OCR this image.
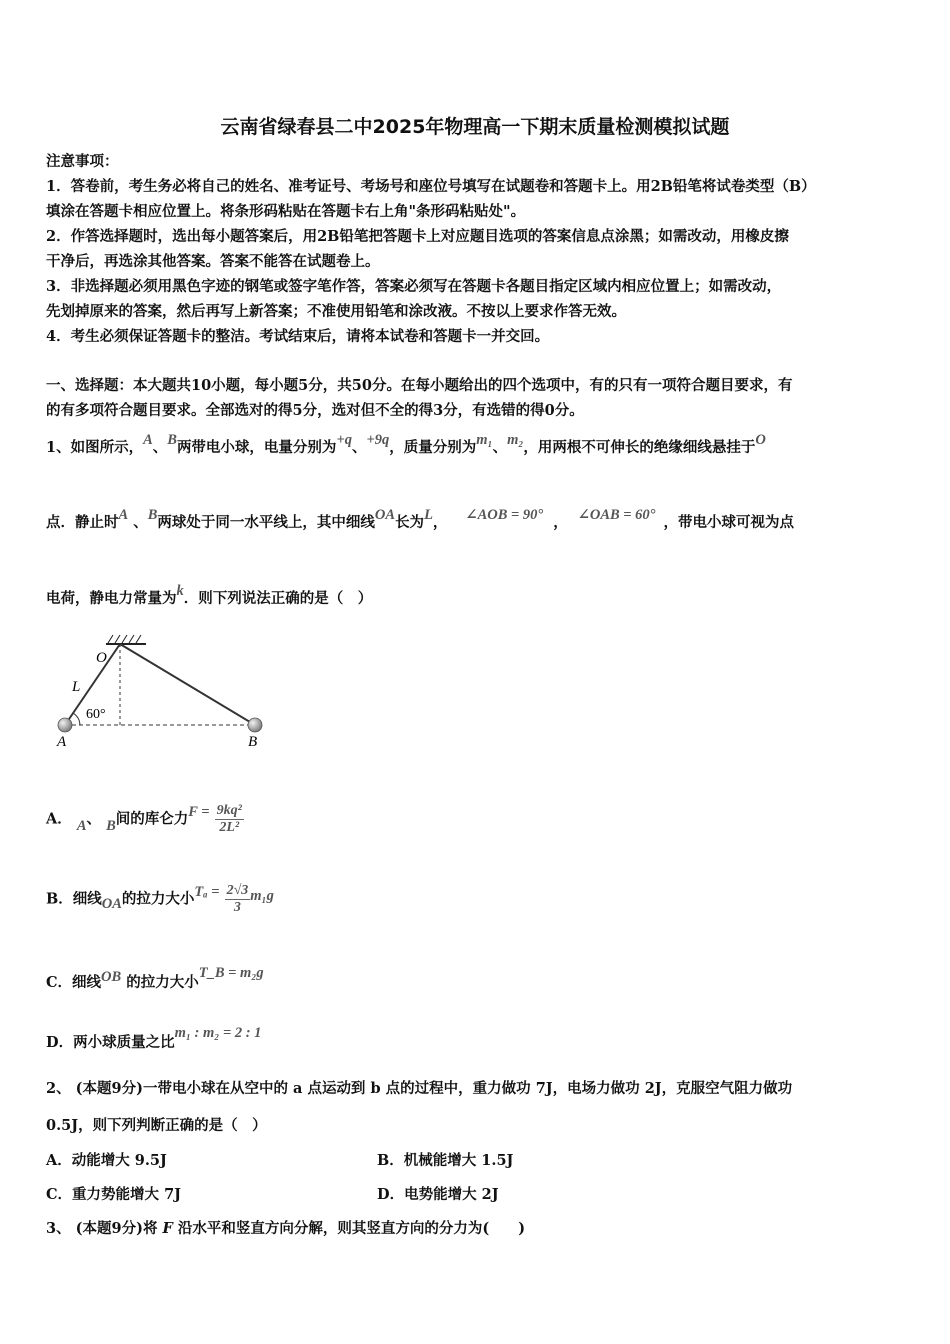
云南省绿春县二中2025年物理高一下期末质量检测模拟试题
注意事项：
1．答卷前，考生务必将自己的姓名、准考证号、考场号和座位号填写在试题卷和答题卡上。用2B铅笔将试卷类型（B）
填涂在答题卡相应位置上。将条形码粘贴在答题卡右上角"条形码粘贴处"。
2．作答选择题时，选出每小题答案后，用2B铅笔把答题卡上对应题目选项的答案信息点涂黑；如需改动，用橡皮擦
干净后，再选涂其他答案。答案不能答在试题卷上。
3．非选择题必须用黑色字迹的钢笔或签字笔作答，答案必须写在答题卡各题目指定区域内相应位置上；如需改动，
先划掉原来的答案，然后再写上新答案；不准使用铅笔和涂改液。不按以上要求作答无效。
4．考生必须保证答题卡的整洁。考试结束后，请将本试卷和答题卡一并交回。
一、选择题：本大题共10小题，每小题5分，共50分。在每小题给出的四个选项中，有的只有一项符合题目要求，有
的有多项符合题目要求。全部选对的得5分，选对但不全的得3分，有选错的得0分。
1、如图所示，A、B两带电小球，电量分别为+q、+9q，质量分别为m₁、m₂，用两根不可伸长的绝缘细线悬挂于O
点．静止时A 、B两球处于同一水平线上，其中细线OA长为L， ∠AOB = 90° ， ∠OAB = 60° ，带电小球可视为点
电荷，静电力常量为k．则下列说法正确的是（　）
O
L
60°
A	B
A． A、 B间的库仑力$F = \frac{\text{9kq²}}{\text{2L²}}$
B．细线OA的拉力大小$T_a = \frac{2√3}{3} m_1g$
C．细线OB 的拉力大小T_B = m₂g
D．两小球质量之比m₁ : m₂ = 2 : 1
2、 (本题9分)一带电小球在从空中的 a 点运动到 b 点的过程中，重力做功 7J，电场力做功 2J，克服空气阻力做功
0.5J，则下列判断正确的是（　）
A．动能增大 9.5J	B．机械能增大 1.5J
C．重力势能增大 7J	D．电势能增大 2J
3、 (本题9分)将 F 沿水平和竖直方向分解，则其竖直方向的分力为(　　)
